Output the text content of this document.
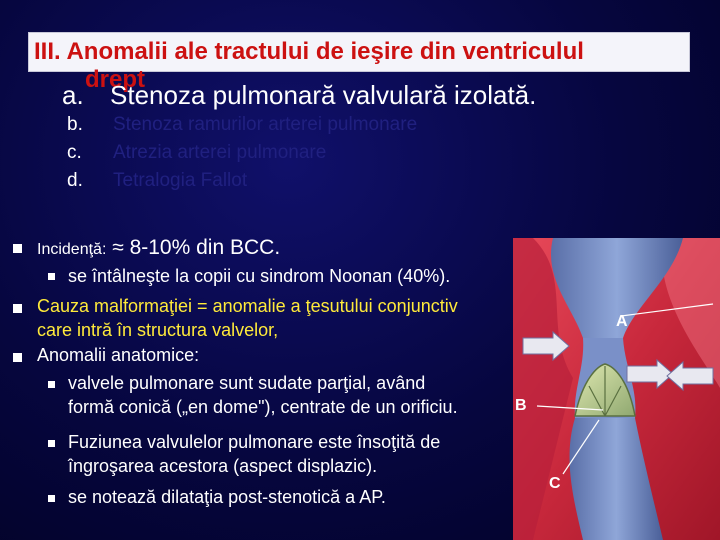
III. Anomalii ale tractului de ieşire din ventriculul
drept
a. Stenoza pulmonară valvulară izolată.
b. Stenoza ramurilor arterei pulmonare
c. Atrezia arterei pulmonare
d. Tetralogia Fallot
Incidenţă: ≈ 8-10% din BCC.
se întâlneşte la copii cu sindrom Noonan (40%).
Cauza malformaţiei = anomalie a ţesutului conjunctiv
care intră în structura valvelor,
Anomalii anatomice:
valvele pulmonare sunt sudate parţial, având
formă conică („en dome"), centrate de un orificiu.
Fuziunea valvulelor pulmonare este însoţită de
îngroşarea acestora (aspect displazic).
se notează dilataţia post-stenotică a AP.
A
B
C
